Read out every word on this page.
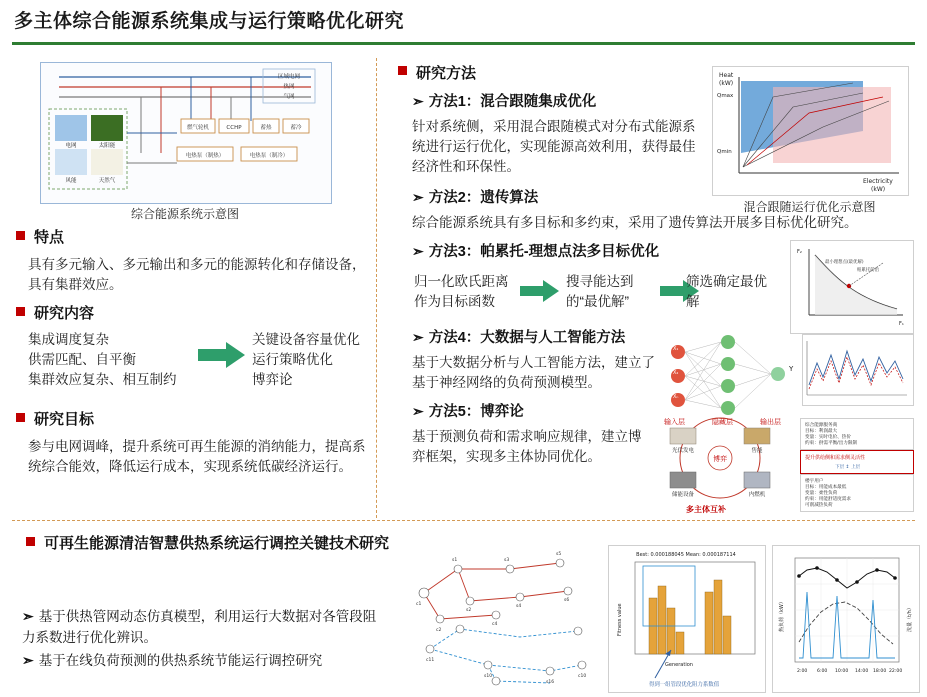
多主体综合能源系统集成与运行策略优化研究
区域电网
热网
气网
燃气轮机	CCHP	蓄热	蓄冷
电热泵（制热）	电热泵（制冷）
电网	太阳能
风能	天然气
综合能源系统示意图
特点
具有多元输入、多元输出和多元的能源转化和存储设备，具有集群效应。
研究内容
集成调度复杂
供需匹配、自平衡
集群效应复杂、相互制约
关键设备容量优化
运行策略优化
博弈论
研究目标
参与电网调峰，提升系统可再生能源的消纳能力，提高系统综合能效，降低运行成本，实现系统低碳经济运行。
研究方法
➣ 方法1：混合跟随集成优化
针对系统侧，采用混合跟随模式对分布式能源系统进行运行优化，实现能源高效利用，获得最佳经济性和环保性。
Heat
(kW)
Qmax
Qmin
Electricity
(kW)
混合跟随运行优化示意图
➣ 方法2：遗传算法
综合能源系统具有多目标和多约束，采用了遗传算法开展多目标优化研究。
➣ 方法3：帕累托-理想点法多目标优化
归一化欧氏距离作为目标函数
搜寻能达到的“最优解”
筛选确定最优解
最小理想点(最优解)
帕累托前沿
F₁
F₂
➣ 方法4：大数据与人工智能方法
基于大数据分析与人工智能方法，建立了基于神经网络的负荷预测模型。
Y
X₁
X₂
Xₙ
输入层	隐藏层	输出层
➣ 方法5：博弈论
基于预测负荷和需求响应规律，建立博弈框架，实现多主体协同优化。	光伏发电	售能
储能设备	内燃机
博弈
多主体互补
综合能源服务商
目标：利润最大
变量：实时电价、热价
约束：供需平衡/出力限制
提升供给侧和需求侧灵活性
下层 ↕ 上层
楼宇用户
目标：用能成本最低
变量：柔性负荷
约束：用能舒适度需求
可削减热负荷
可再生能源清洁智慧供热系统运行调控关键技术研究
➣ 基于供热管网动态仿真模型，利用运行大数据对各管段阻力系数进行优化辨识。
➣ 基于在线负荷预测的供热系统节能运行调控研究
s1	s3
s5
s2
s4
s6
c1
c2
c4
c11
s10
s16
c10
Best: 0.000188045 Mean: 0.000187114
得到一组管段优化阻力系数值
Generation
Fitness value
2:00 6:00 10:00 14:00 18:00 22:00
热负荷（kW）	流量（t/h）
